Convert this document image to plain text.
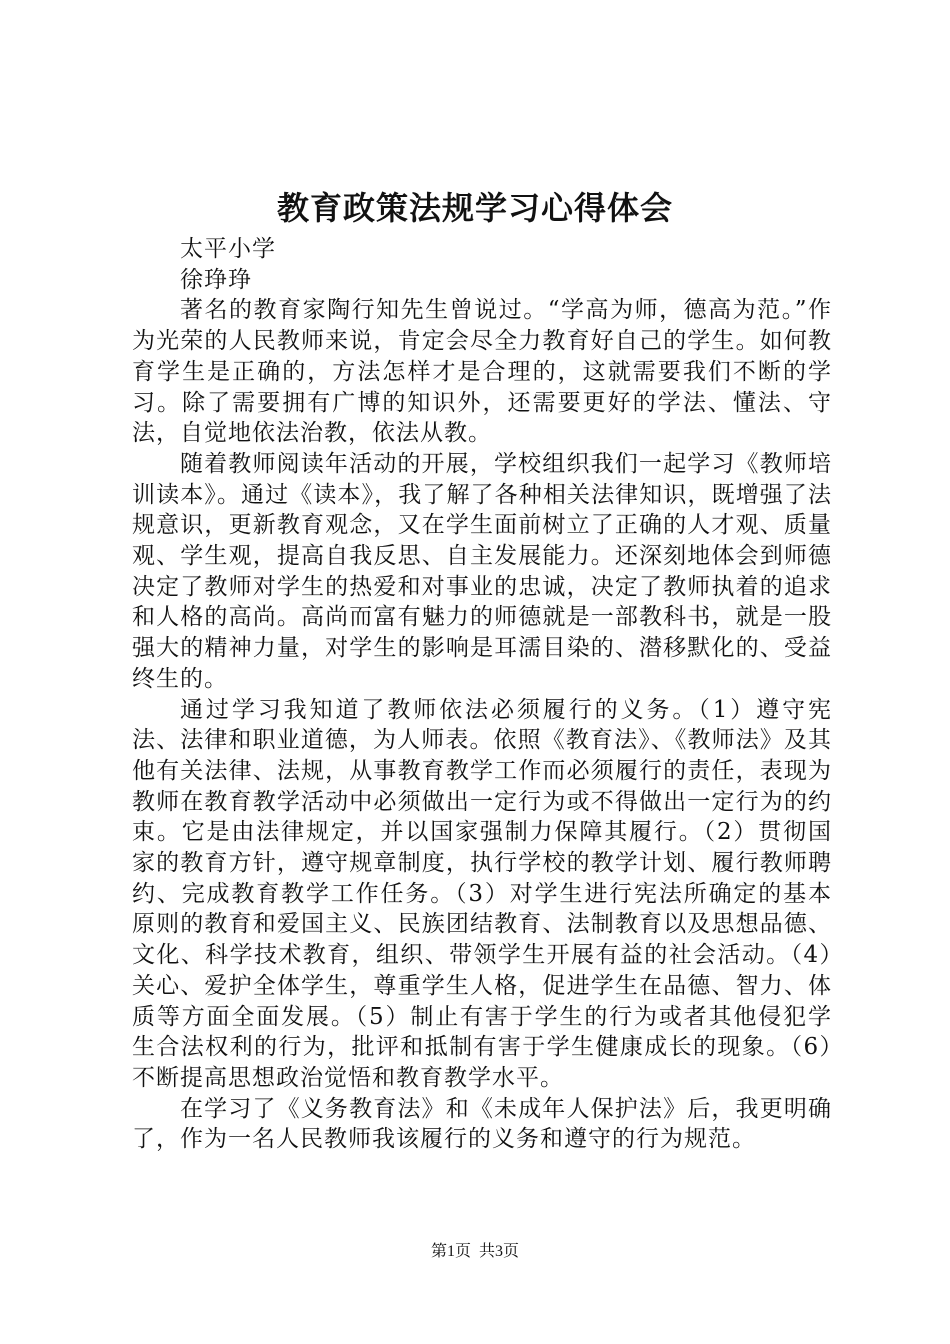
教育政策法规学习心得体会

太平小学

徐琤琤

著名的教育家陶行知先生曾说过。“学高为师，德高为范。”作为光荣的人民教师来说，肯定会尽全力教育好自己的学生。如何教育学生是正确的，方法怎样才是合理的，这就需要我们不断的学习。除了需要拥有广博的知识外，还需要更好的学法、懂法、守法，自觉地依法治教，依法从教。

随着教师阅读年活动的开展，学校组织我们一起学习《教师培训读本》。通过《读本》，我了解了各种相关法律知识，既增强了法规意识，更新教育观念，又在学生面前树立了正确的人才观、质量观、学生观，提高自我反思、自主发展能力。还深刻地体会到师德决定了教师对学生的热爱和对事业的忠诚，决定了教师执着的追求和人格的高尚。高尚而富有魅力的师德就是一部教科书，就是一股强大的精神力量，对学生的影响是耳濡目染的、潜移默化的、受益终生的。

通过学习我知道了教师依法必须履行的义务。（1）遵守宪法、法律和职业道德，为人师表。依照《教育法》、《教师法》及其他有关法律、法规，从事教育教学工作而必须履行的责任，表现为教师在教育教学活动中必须做出一定行为或不得做出一定行为的约束。它是由法律规定，并以国家强制力保障其履行。（2）贯彻国家的教育方针，遵守规章制度，执行学校的教学计划、履行教师聘约、完成教育教学工作任务。（3）对学生进行宪法所确定的基本原则的教育和爱国主义、民族团结教育、法制教育以及思想品德、文化、科学技术教育，组织、带领学生开展有益的社会活动。（4）关心、爱护全体学生，尊重学生人格，促进学生在品德、智力、体质等方面全面发展。（5）制止有害于学生的行为或者其他侵犯学生合法权利的行为，批评和抵制有害于学生健康成长的现象。（6）不断提高思想政治觉悟和教育教学水平。

在学习了《义务教育法》和《未成年人保护法》后，我更明确了，作为一名人民教师我该履行的义务和遵守的行为规范。

第1页  共3页
